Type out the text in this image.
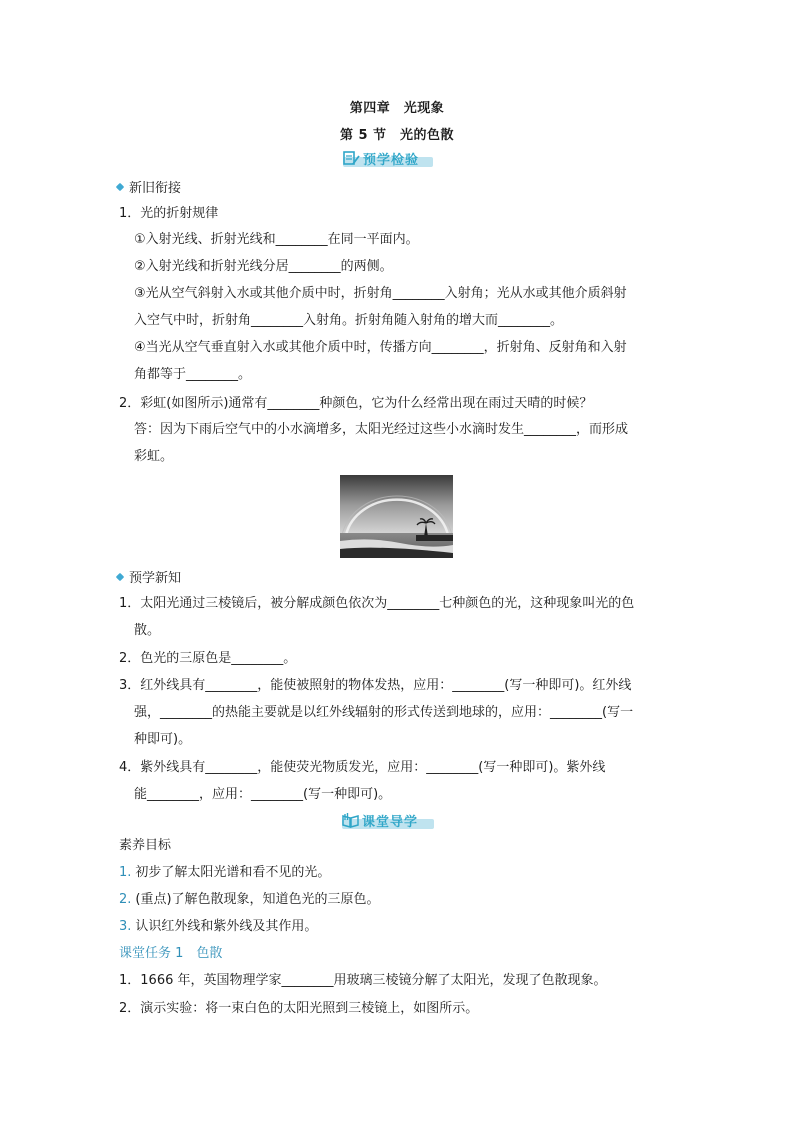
第四章　光现象
第 5 节　光的色散
预学检验
新旧衔接
1．光的折射规律
①入射光线、折射光线和________在同一平面内。
②入射光线和折射光线分居________的两侧。
③光从空气斜射入水或其他介质中时，折射角________入射角；光从水或其他介质斜射
入空气中时，折射角________入射角。折射角随入射角的增大而________。
④当光从空气垂直射入水或其他介质中时，传播方向________，折射角、反射角和入射
角都等于________。
2．彩虹(如图所示)通常有________种颜色，它为什么经常出现在雨过天晴的时候？
答：因为下雨后空气中的小水滴增多，太阳光经过这些小水滴时发生________，而形成
彩虹。
预学新知
1．太阳光通过三棱镜后，被分解成颜色依次为________七种颜色的光，这种现象叫光的色
散。
2．色光的三原色是________。
3．红外线具有________，能使被照射的物体发热，应用：________(写一种即可)。红外线
强，________的热能主要就是以红外线辐射的形式传送到地球的，应用：________(写一
种即可)。
4．紫外线具有________，能使荧光物质发光，应用：________(写一种即可)。紫外线
能________，应用：________(写一种即可)。
课堂导学
素养目标
1. 初步了解太阳光谱和看不见的光。
2. (重点)了解色散现象，知道色光的三原色。
3. 认识红外线和紫外线及其作用。
课堂任务 1　色散
1．1666 年，英国物理学家________用玻璃三棱镜分解了太阳光，发现了色散现象。
2．演示实验：将一束白色的太阳光照到三棱镜上，如图所示。
